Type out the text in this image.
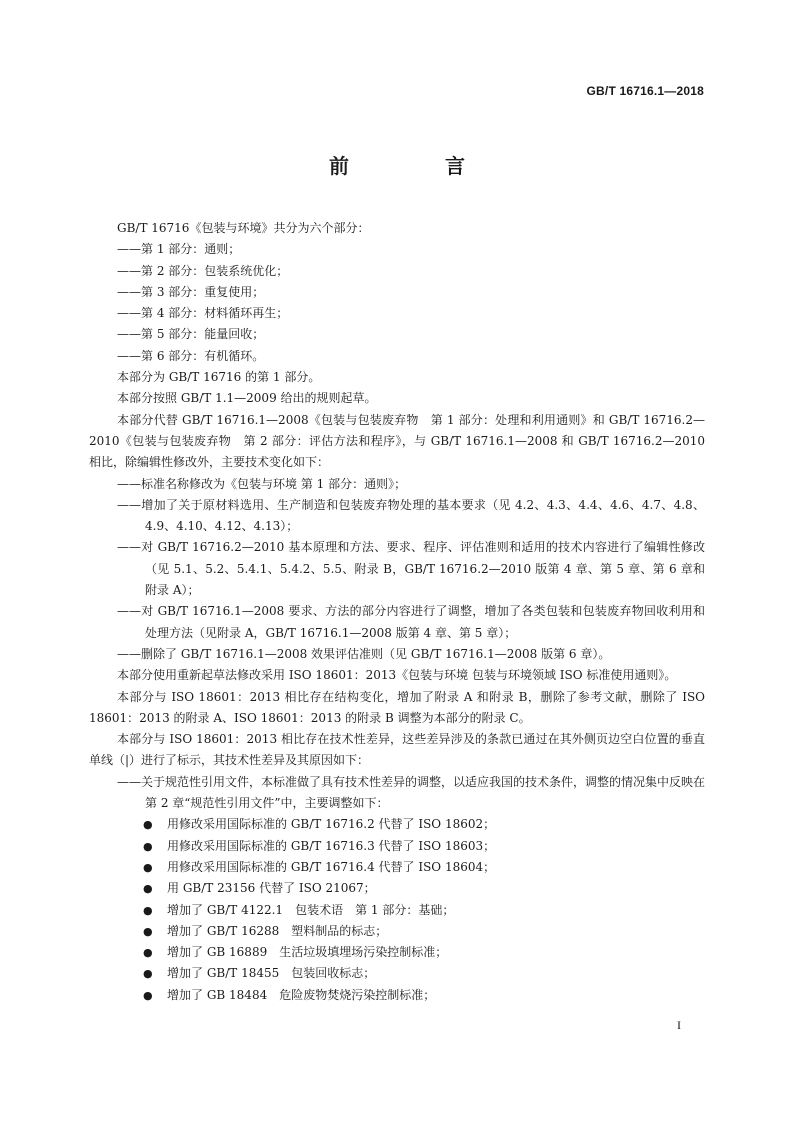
GB/T 16716.1—2018
前　言

GB/T 16716《包装与环境》共分为六个部分：

——第 1 部分：通则；

——第 2 部分：包装系统优化；

——第 3 部分：重复使用；

——第 4 部分：材料循环再生；

——第 5 部分：能量回收；

——第 6 部分：有机循环。

本部分为 GB/T 16716 的第 1 部分。

本部分按照 GB/T 1.1—2009 给出的规则起草。

本部分代替 GB/T 16716.1—2008《包装与包装废弃物　第 1 部分：处理和利用通则》和 GB/T 16716.2—2010《包装与包装废弃物　第 2 部分：评估方法和程序》，与 GB/T 16716.1—2008 和 GB/T 16716.2—2010 相比，除编辑性修改外，主要技术变化如下：

——标准名称修改为《包装与环境 第 1 部分：通则》；

——增加了关于原材料选用、生产制造和包装废弃物处理的基本要求（见 4.2、4.3、4.4、4.6、4.7、4.8、4.9、4.10、4.12、4.13）；

——对 GB/T 16716.2—2010 基本原理和方法、要求、程序、评估准则和适用的技术内容进行了编辑性修改（见 5.1、5.2、5.4.1、5.4.2、5.5、附录 B，GB/T 16716.2—2010 版第 4 章、第 5 章、第 6 章和附录 A）；

——对 GB/T 16716.1—2008 要求、方法的部分内容进行了调整，增加了各类包装和包装废弃物回收利用和处理方法（见附录 A，GB/T 16716.1—2008 版第 4 章、第 5 章）；

——删除了 GB/T 16716.1—2008 效果评估准则（见 GB/T 16716.1—2008 版第 6 章）。

本部分使用重新起草法修改采用 ISO 18601：2013《包装与环境 包装与环境领域 ISO 标准使用通则》。

本部分与 ISO 18601：2013 相比存在结构变化，增加了附录 A 和附录 B，删除了参考文献，删除了 ISO 18601：2013 的附录 A、ISO 18601：2013 的附录 B 调整为本部分的附录 C。

本部分与 ISO 18601：2013 相比存在技术性差异，这些差异涉及的条款已通过在其外侧页边空白位置的垂直单线（|）进行了标示，其技术性差异及其原因如下：

——关于规范性引用文件，本标准做了具有技术性差异的调整，以适应我国的技术条件，调整的情况集中反映在第 2 章“规范性引用文件”中，主要调整如下：

● 用修改采用国际标准的 GB/T 16716.2 代替了 ISO 18602；

● 用修改采用国际标准的 GB/T 16716.3 代替了 ISO 18603；

● 用修改采用国际标准的 GB/T 16716.4 代替了 ISO 18604；

● 用 GB/T 23156 代替了 ISO 21067；

● 增加了 GB/T 4122.1　包装术语　第 1 部分：基础；

● 增加了 GB/T 16288　塑料制品的标志；

● 增加了 GB 16889　生活垃圾填埋场污染控制标准；

● 增加了 GB/T 18455　包装回收标志；

● 增加了 GB 18484　危险废物焚烧污染控制标准；

I
